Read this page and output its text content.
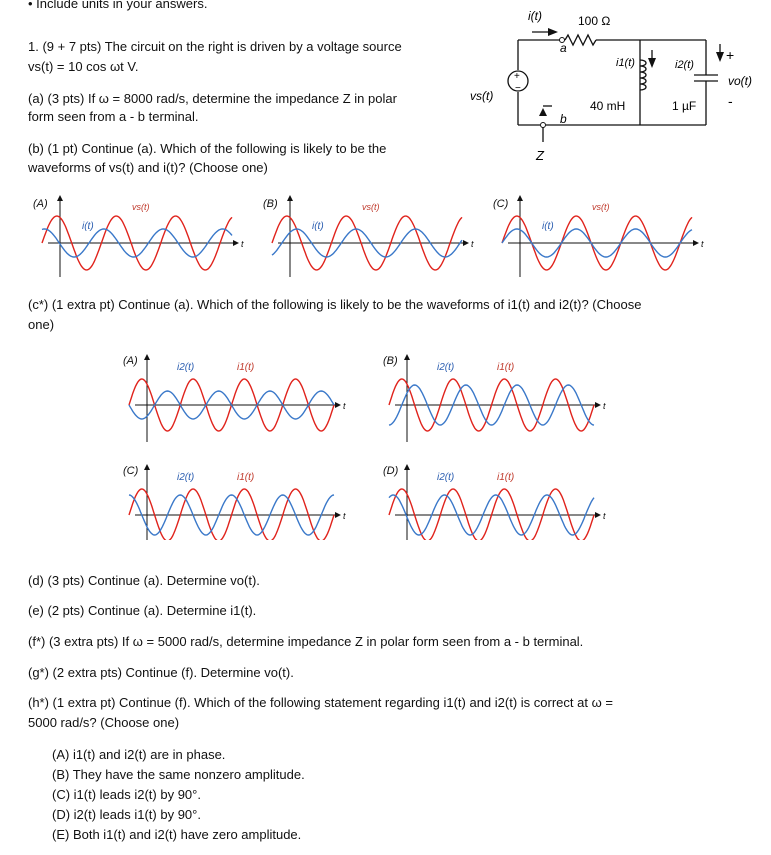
• Include units in your answers.
1. (9 + 7 pts) The circuit on the right is driven by a voltage source
vs(t) = 10 cos ωt V.
(a) (3 pts) If ω = 8000 rad/s, determine the impedance Z in polar
form seen from a - b terminal.
(b) (1 pt) Continue (a). Which of the following is likely to be the
waveforms of vs(t) and i(t)? (Choose one)
i(t)	100 Ω
i1(t)	i2(t)
40 mH	1 µF
vs(t)
a
b
Z
+
vo(t)
-
+
−
t
(A)
i(t)
vs(t)
t
(B)
i(t)
vs(t)
t
(C)
i(t)
vs(t)
(c*) (1 extra pt) Continue (a). Which of the following is likely to be the waveforms of i1(t) and i2(t)? (Choose
one)
t
(A)
i2(t)	i1(t)
t
(B)
i2(t)	i1(t)
t
(C)
i2(t)	i1(t)
t
(D)
i2(t)	i1(t)
(d) (3 pts) Continue (a). Determine vo(t).
(e) (2 pts) Continue (a). Determine i1(t).
(f*) (3 extra pts) If ω = 5000 rad/s, determine impedance Z in polar form seen from a - b terminal.
(g*) (2 extra pts) Continue (f). Determine vo(t).
(h*) (1 extra pt) Continue (f). Which of the following statement regarding i1(t) and i2(t) is correct at ω =
5000 rad/s? (Choose one)
(A) i1(t) and i2(t) are in phase.
(B) They have the same nonzero amplitude.
(C) i1(t) leads i2(t) by 90°.
(D) i2(t) leads i1(t) by 90°.
(E) Both i1(t) and i2(t) have zero amplitude.
